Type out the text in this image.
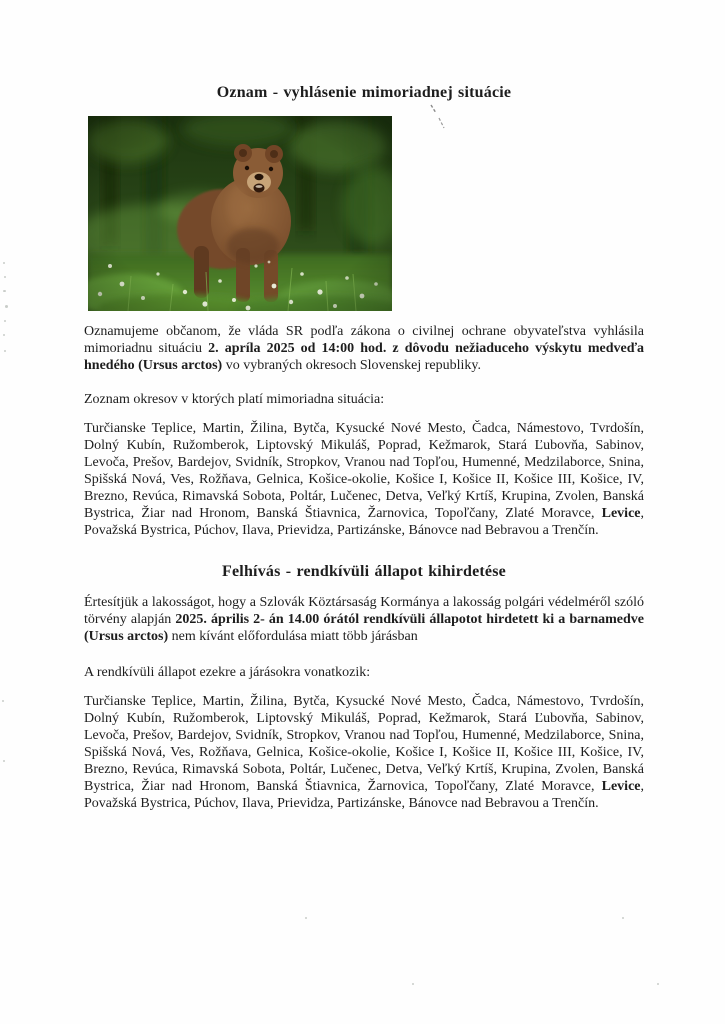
Oznam - vyhlásenie mimoriadnej situácie

Oznamujeme občanom, že vláda SR podľa zákona o civilnej ochrane obyvateľstva vyhlásila mimoriadnu situáciu 2. apríla 2025 od 14:00 hod. z dôvodu nežiaduceho výskytu medveďa hnedého (Ursus arctos) vo vybraných okresoch Slovenskej republiky.

Zoznam okresov v ktorých platí mimoriadna situácia:

Turčianske Teplice, Martin, Žilina, Bytča, Kysucké Nové Mesto, Čadca, Námestovo, Tvrdošín, Dolný Kubín, Ružomberok, Liptovský Mikuláš, Poprad, Kežmarok, Stará Ľubovňa, Sabinov, Levoča, Prešov, Bardejov, Svidník, Stropkov, Vranou nad Topľou, Humenné, Medzilaborce, Snina, Spišská Nová, Ves, Rožňava, Gelnica, Košice-okolie, Košice I, Košice II, Košice III, Košice, IV, Brezno, Revúca, Rimavská Sobota, Poltár, Lučenec, Detva, Veľký Krtíš, Krupina, Zvolen, Banská Bystrica, Žiar nad Hronom, Banská Štiavnica, Žarnovica, Topoľčany, Zlaté Moravce, Levice, Považská Bystrica, Púchov, Ilava, Prievidza, Partizánske, Bánovce nad Bebravou a Trenčín.

Felhívás - rendkívüli állapot kihirdetése

Értesítjük a lakosságot, hogy a Szlovák Köztársaság Kormánya a lakosság polgári védelméről szóló törvény alapján 2025. április 2- án 14.00 órától rendkívüli állapotot hirdetett ki a barnamedve (Ursus arctos) nem kívánt előfordulása miatt több járásban

A rendkívüli állapot ezekre a járásokra vonatkozik:

Turčianske Teplice, Martin, Žilina, Bytča, Kysucké Nové Mesto, Čadca, Námestovo, Tvrdošín, Dolný Kubín, Ružomberok, Liptovský Mikuláš, Poprad, Kežmarok, Stará Ľubovňa, Sabinov, Levoča, Prešov, Bardejov, Svidník, Stropkov, Vranou nad Topľou, Humenné, Medzilaborce, Snina, Spišská Nová, Ves, Rožňava, Gelnica, Košice-okolie, Košice I, Košice II, Košice III, Košice, IV, Brezno, Revúca, Rimavská Sobota, Poltár, Lučenec, Detva, Veľký Krtíš, Krupina, Zvolen, Banská Bystrica, Žiar nad Hronom, Banská Štiavnica, Žarnovica, Topoľčany, Zlaté Moravce, Levice, Považská Bystrica, Púchov, Ilava, Prievidza, Partizánske, Bánovce nad Bebravou a Trenčín.
